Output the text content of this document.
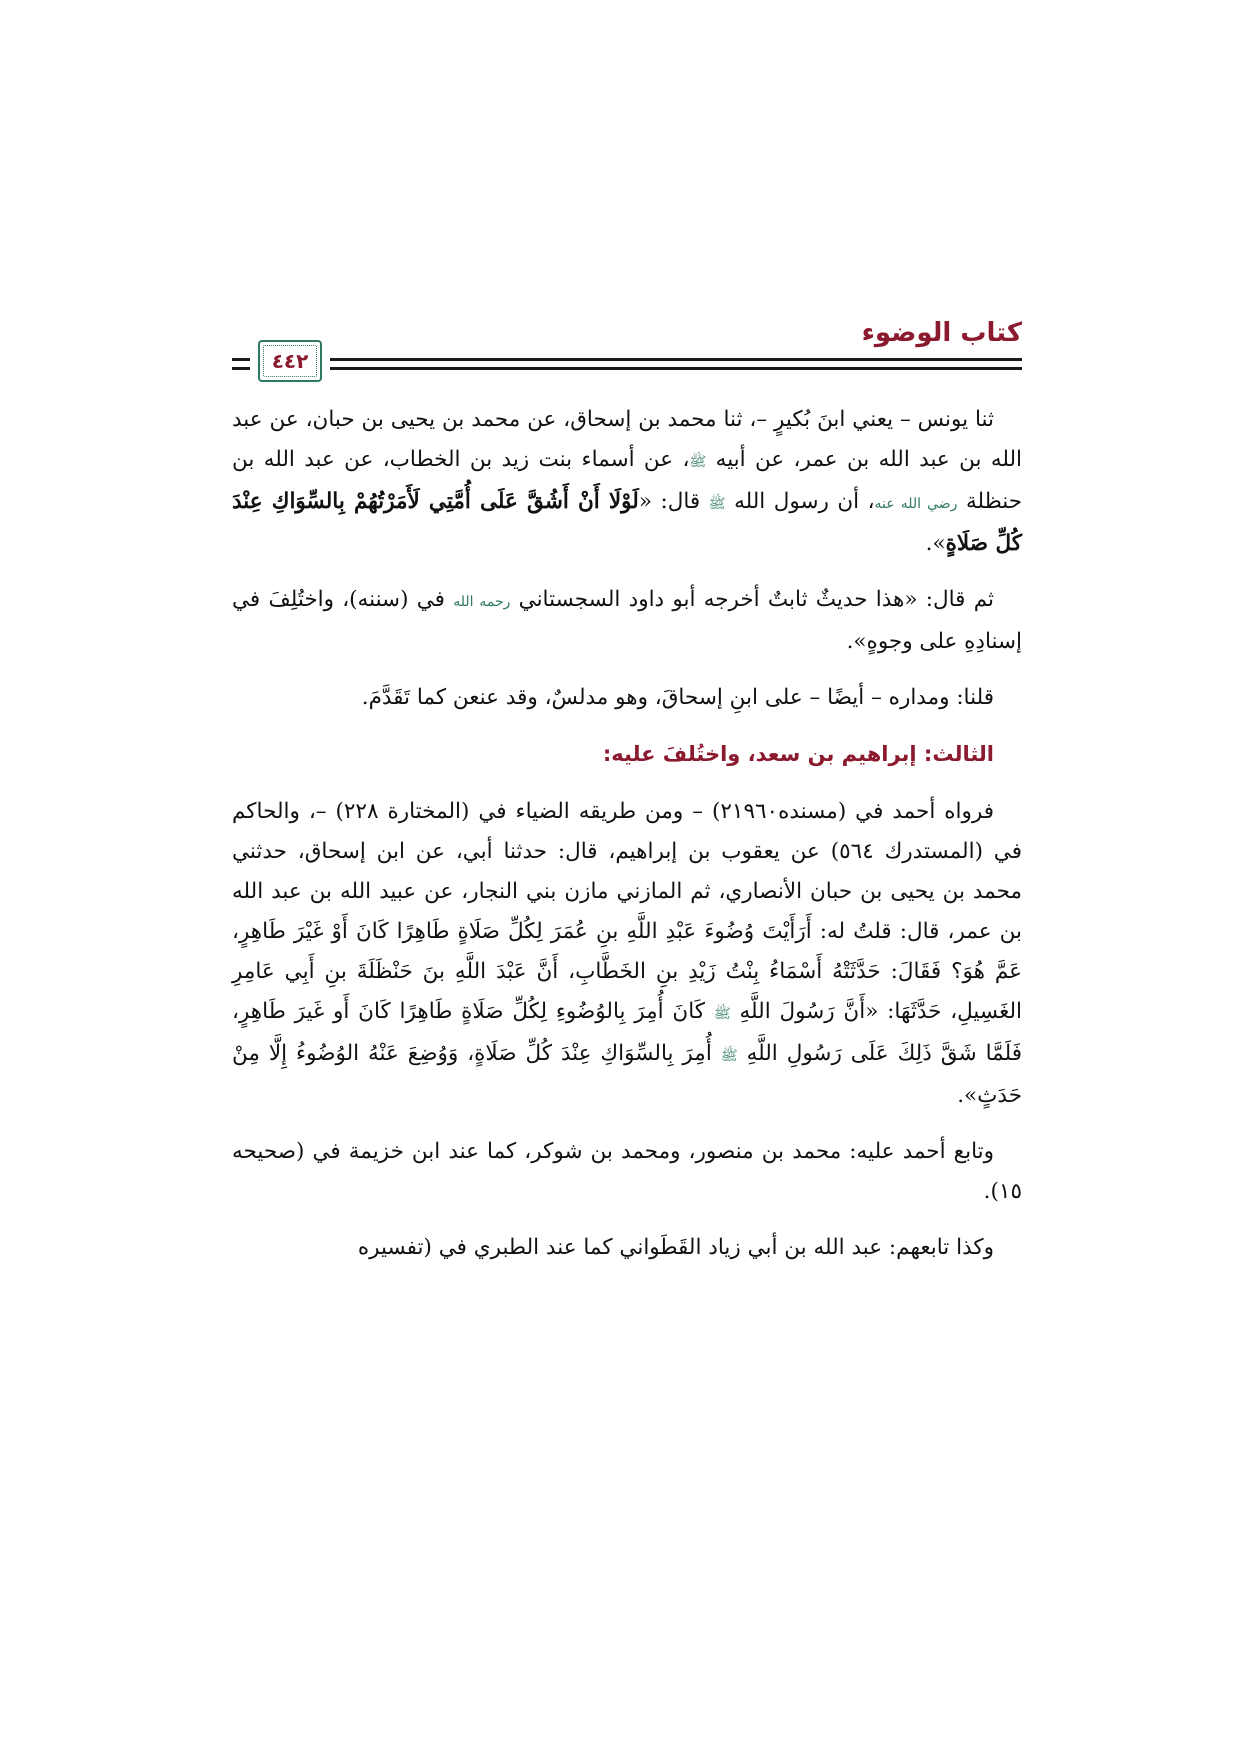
كتاب الوضوء
٤٤٢

ثنا يونس – يعني ابنَ بُكيرٍ –، ثنا محمد بن إسحاق، عن محمد بن يحيى بن حبان، عن عبد الله بن عبد الله بن عمر، عن أبيه ﷺ، عن أسماء بنت زيد بن الخطاب، عن عبد الله بن حنظلة رضي الله عنه، أن رسول الله ﷺ قال: «لَوْلَا أَنْ أَشُقَّ عَلَى أُمَّتِي لَأَمَرْتُهُمْ بِالسِّوَاكِ عِنْدَ كُلِّ صَلَاةٍ».

ثم قال: «هذا حديثٌ ثابتٌ أخرجه أبو داود السجستاني رحمه الله في (سننه)، واختُلِفَ في إسنادِهِ على وجوهٍ».

قلنا: ومداره – أيضًا – على ابنِ إسحاقَ، وهو مدلسٌ، وقد عنعن كما تَقَدَّمَ.

الثالث: إبراهيم بن سعد، واختُلفَ عليه:

فرواه أحمد في (مسنده٢١٩٦٠) – ومن طريقه الضياء في (المختارة ٢٢٨) –، والحاكم في (المستدرك ٥٦٤) عن يعقوب بن إبراهيم، قال: حدثنا أبي، عن ابن إسحاق، حدثني محمد بن يحيى بن حبان الأنصاري، ثم المازني مازن بني النجار، عن عبيد الله بن عبد الله بن عمر، قال: قلتُ له: أَرَأَيْتَ وُضُوءَ عَبْدِ اللَّهِ بنِ عُمَرَ لِكُلِّ صَلَاةٍ طَاهِرًا كَانَ أَوْ غَيْرَ طَاهِرٍ، عَمَّ هُوَ؟ فَقَالَ: حَدَّثَتْهُ أَسْمَاءُ بِنْتُ زَيْدِ بنِ الخَطَّابِ، أَنَّ عَبْدَ اللَّهِ بنَ حَنْظَلَةَ بنِ أَبِي عَامِرِ الغَسِيلِ، حَدَّثَهَا: «أَنَّ رَسُولَ اللَّهِ ﷺ كَانَ أُمِرَ بِالوُضُوءِ لِكُلِّ صَلَاةٍ طَاهِرًا كَانَ أَو غَيرَ طَاهِرٍ، فَلَمَّا شَقَّ ذَلِكَ عَلَى رَسُولِ اللَّهِ ﷺ أُمِرَ بِالسِّوَاكِ عِنْدَ كُلِّ صَلَاةٍ، وَوُضِعَ عَنْهُ الوُضُوءُ إِلَّا مِنْ حَدَثٍ».

وتابع أحمد عليه: محمد بن منصور، ومحمد بن شوكر، كما عند ابن خزيمة في (صحيحه ١٥).

وكذا تابعهم: عبد الله بن أبي زياد القَطَواني كما عند الطبري في (تفسيره
